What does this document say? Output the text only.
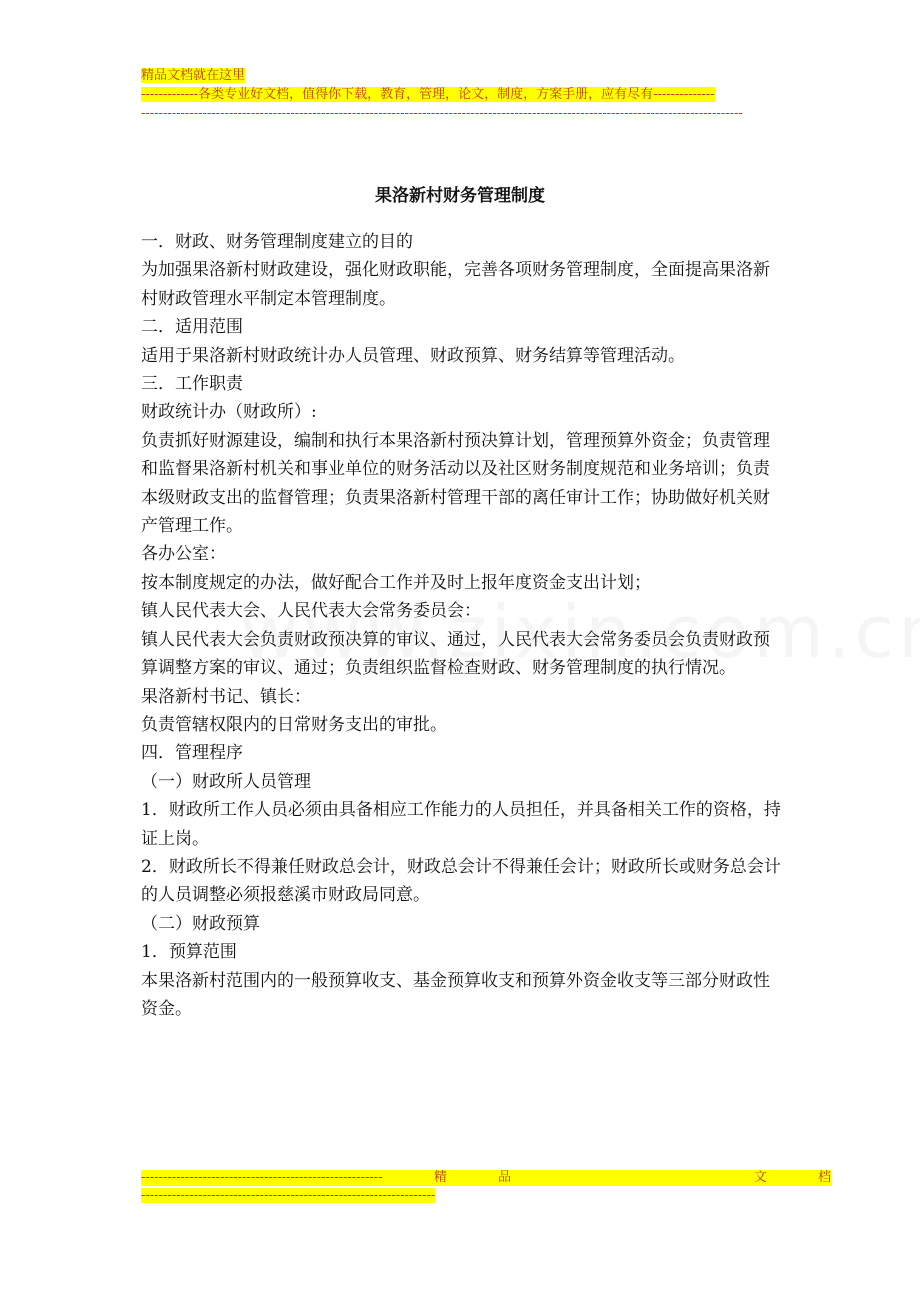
精品文档就在这里
-------------各类专业好文档，值得你下载，教育，管理，论文，制度，方案手册，应有尽有--------------
-----------------------------------------------------------------------------------------------------------------------------------------
果洛新村财务管理制度

一．财政、财务管理制度建立的目的

为加强果洛新村财政建设，强化财政职能，完善各项财务管理制度，全面提高果洛新村财政管理水平制定本管理制度。

二．适用范围

适用于果洛新村财政统计办人员管理、财政预算、财务结算等管理活动。

三．工作职责

财政统计办（财政所）:

负责抓好财源建设，编制和执行本果洛新村预决算计划，管理预算外资金；负责管理和监督果洛新村机关和事业单位的财务活动以及社区财务制度规范和业务培训；负责本级财政支出的监督管理；负责果洛新村管理干部的离任审计工作；协助做好机关财产管理工作。

各办公室：

按本制度规定的办法，做好配合工作并及时上报年度资金支出计划；

镇人民代表大会、人民代表大会常务委员会：

镇人民代表大会负责财政预决算的审议、通过，人民代表大会常务委员会负责财政预算调整方案的审议、通过；负责组织监督检查财政、财务管理制度的执行情况。

果洛新村书记、镇长：

负责管辖权限内的日常财务支出的审批。

四．管理程序

（一）财政所人员管理

1．财政所工作人员必须由具备相应工作能力的人员担任，并具备相关工作的资格，持证上岗。

2．财政所长不得兼任财政总会计，财政总会计不得兼任会计；财政所长或财务总会计的人员调整必须报慈溪市财政局同意。

（二）财政预算

1．预算范围

本果洛新村范围内的一般预算收支、基金预算收支和预算外资金收支等三部分财政性资金。

-------------------------------------------------------	精	品	文	档
-------------------------------------------------------------------
